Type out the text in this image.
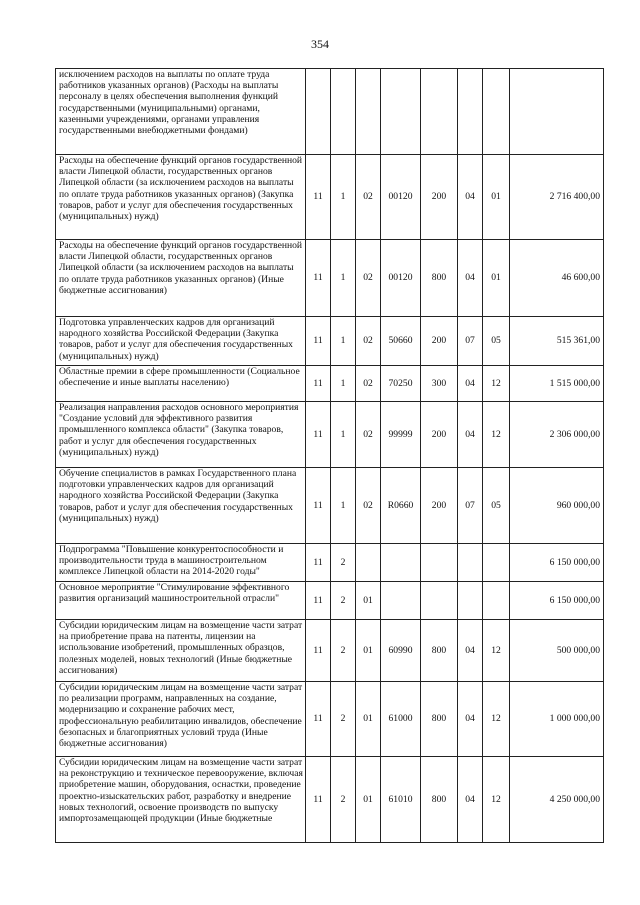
354
исключением расходов на выплаты по оплате труда работников указанных органов) (Расходы на выплаты персоналу в целях обеспечения выполнения функций государственными (муниципальными) органами, казенными учреждениями, органами управления государственными внебюджетными фондами)								
Расходы на обеспечение функций органов государственной власти Липецкой области, государственных органов Липецкой области (за исключением расходов на выплаты по оплате труда работников указанных органов) (Закупка товаров, работ и услуг для обеспечения государственных (муниципальных) нужд)	11	1	02	00120	200	04	01	2 716 400,00
Расходы на обеспечение функций органов государственной власти Липецкой области, государственных органов Липецкой области (за исключением расходов на выплаты по оплате труда работников указанных органов) (Иные бюджетные ассигнования)	11	1	02	00120	800	04	01	46 600,00
Подготовка управленческих кадров для организаций народного хозяйства Российской Федерации (Закупка товаров, работ и услуг для обеспечения государственных (муниципальных) нужд)	11	1	02	50660	200	07	05	515 361,00
Областные премии в сфере промышленности (Социальное обеспечение и иные выплаты населению)	11	1	02	70250	300	04	12	1 515 000,00
Реализация направления расходов основного мероприятия "Создание условий для эффективного развития промышленного комплекса области" (Закупка товаров, работ и услуг для обеспечения государственных (муниципальных) нужд)	11	1	02	99999	200	04	12	2 306 000,00
Обучение специалистов в рамках Государственного плана подготовки управленческих кадров для организаций народного хозяйства Российской Федерации (Закупка товаров, работ и услуг для обеспечения государственных (муниципальных) нужд)	11	1	02	R0660	200	07	05	960 000,00
Подпрограмма "Повышение конкурентоспособности и производительности труда в машиностроительном комплексе Липецкой области на 2014-2020 годы"	11	2						6 150 000,00
Основное мероприятие "Стимулирование эффективного развития организаций машиностроительной отрасли"	11	2	01					6 150 000,00
Субсидии юридическим лицам на возмещение части затрат на приобретение права на патенты, лицензии на использование изобретений, промышленных образцов, полезных моделей, новых технологий (Иные бюджетные ассигнования)	11	2	01	60990	800	04	12	500 000,00
Субсидии юридическим лицам на возмещение части затрат по реализации программ, направленных на создание, модернизацию и сохранение рабочих мест, профессиональную реабилитацию инвалидов, обеспечение безопасных и благоприятных условий труда (Иные бюджетные ассигнования)	11	2	01	61000	800	04	12	1 000 000,00
Субсидии юридическим лицам на возмещение части затрат на реконструкцию и техническое перевооружение, включая приобретение машин, оборудования, оснастки, проведение проектно-изыскательских работ, разработку и внедрение новых технологий, освоение производств по выпуску импортозамещающей продукции (Иные бюджетные	11	2	01	61010	800	04	12	4 250 000,00
